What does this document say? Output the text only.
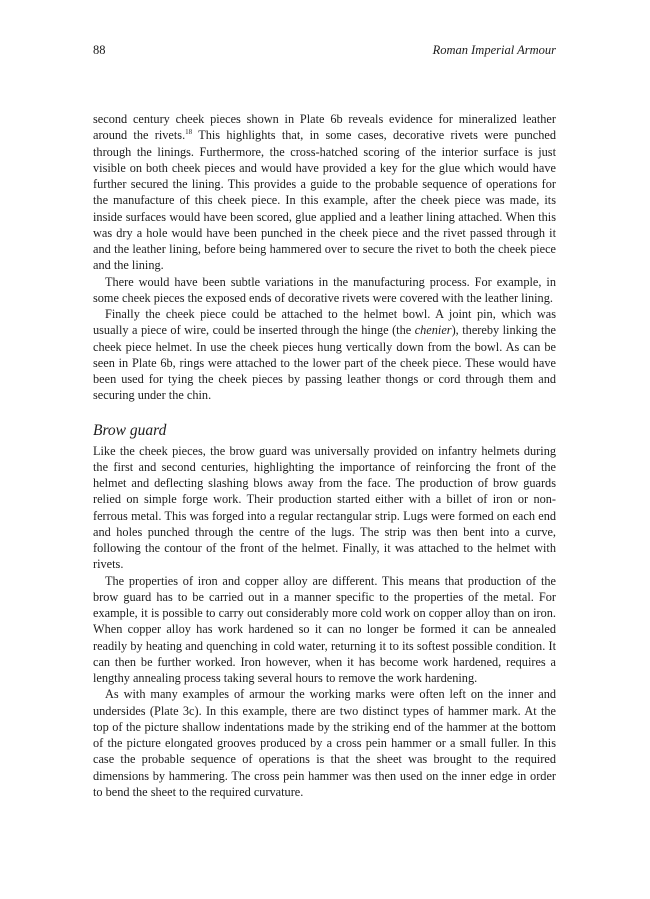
88	Roman Imperial Armour

second century cheek pieces shown in Plate 6b reveals evidence for mineralized leather around the rivets.$^{18}$ This highlights that, in some cases, decorative rivets were punched through the linings. Furthermore, the cross-hatched scoring of the interior surface is just visible on both cheek pieces and would have provided a key for the glue which would have further secured the lining. This provides a guide to the probable sequence of operations for the manufacture of this cheek piece. In this example, after the cheek piece was made, its inside surfaces would have been scored, glue applied and a leather lining attached. When this was dry a hole would have been punched in the cheek piece and the rivet passed through it and the leather lining, before being hammered over to secure the rivet to both the cheek piece and the lining.

There would have been subtle variations in the manufacturing process. For example, in some cheek pieces the exposed ends of decorative rivets were covered with the leather lining.

Finally the cheek piece could be attached to the helmet bowl. A joint pin, which was usually a piece of wire, could be inserted through the hinge (the chenier), thereby linking the cheek piece helmet. In use the cheek pieces hung vertically down from the bowl. As can be seen in Plate 6b, rings were attached to the lower part of the cheek piece. These would have been used for tying the cheek pieces by passing leather thongs or cord through them and securing under the chin.

Brow guard

Like the cheek pieces, the brow guard was universally provided on infantry helmets during the first and second centuries, highlighting the importance of reinforcing the front of the helmet and deflecting slashing blows away from the face. The production of brow guards relied on simple forge work. Their production started either with a billet of iron or non-ferrous metal. This was forged into a regular rectangular strip. Lugs were formed on each end and holes punched through the centre of the lugs. The strip was then bent into a curve, following the contour of the front of the helmet. Finally, it was attached to the helmet with rivets.

The properties of iron and copper alloy are different. This means that production of the brow guard has to be carried out in a manner specific to the properties of the metal. For example, it is possible to carry out considerably more cold work on copper alloy than on iron. When copper alloy has work hardened so it can no longer be formed it can be annealed readily by heating and quenching in cold water, returning it to its softest possible condition. It can then be further worked. Iron however, when it has become work hardened, requires a lengthy annealing process taking several hours to remove the work hardening.

As with many examples of armour the working marks were often left on the inner and undersides (Plate 3c). In this example, there are two distinct types of hammer mark. At the top of the picture shallow indentations made by the striking end of the hammer at the bottom of the picture elongated grooves produced by a cross pein hammer or a small fuller. In this case the probable sequence of operations is that the sheet was brought to the required dimensions by hammering. The cross pein hammer was then used on the inner edge in order to bend the sheet to the required curvature.
